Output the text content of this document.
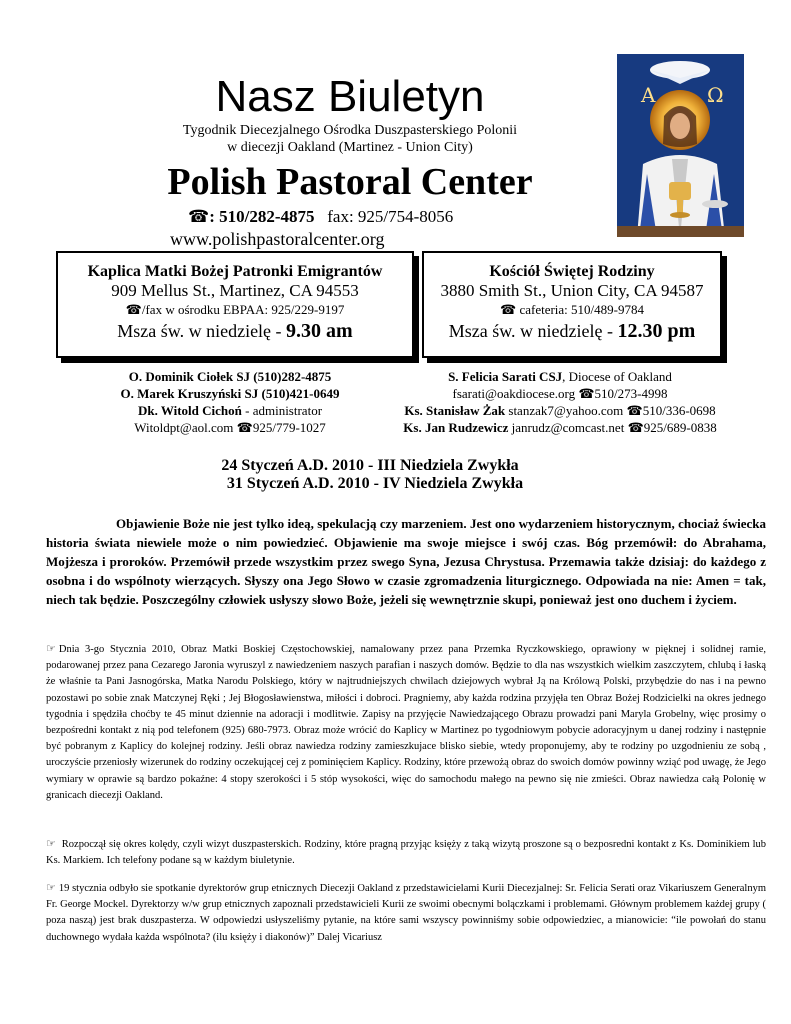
Nasz Biuletyn
Tygodnik Diecezjalnego Ośrodka Duszpasterskiego Polonii
w diecezji Oakland (Martinez - Union City)
Polish Pastoral Center
☎: 510/282-4875 fax: 925/754-8056
www.polishpastoralcenter.org
Α	Ω
Kaplica Matki Bożej Patronki Emigrantów
909 Mellus St., Martinez, CA 94553
☎/fax w ośrodku EBPAA: 925/229-9197
Msza św. w niedzielę - 9.30 am
Kościół Świętej Rodziny
3880 Smith St., Union City, CA 94587
☎ cafeteria: 510/489-9784
Msza św. w niedzielę - 12.30 pm
O. Dominik Ciołek SJ (510)282-4875
O. Marek Kruszyński SJ (510)421-0649
Dk. Witold Cichoń - administrator
Witoldpt@aol.com ☎925/779-1027
S. Felicia Sarati CSJ, Diocese of Oakland
fsarati@oakdiocese.org ☎510/273-4998
Ks. Stanisław Żak stanzak7@yahoo.com ☎510/336-0698
Ks. Jan Rudzewicz janrudz@comcast.net ☎925/689-0838
24 Styczeń A.D. 2010 - III Niedziela Zwykła
31 Styczeń A.D. 2010 - IV Niedziela Zwykła
Objawienie Boże nie jest tylko ideą, spekulacją czy marzeniem. Jest ono wydarzeniem historycznym, chociaż świecka historia świata niewiele może o nim powiedzieć. Objawienie ma swoje miejsce i swój czas. Bóg przemówił: do Abrahama, Mojżesza i proroków. Przemówił przede wszystkim przez swego Syna, Jezusa Chrystusa. Przemawia także dzisiaj: do każdego z osobna i do wspólnoty wierzących. Słyszy ona Jego Słowo w czasie zgromadzenia liturgicznego. Odpowiada na nie: Amen = tak, niech tak będzie. Poszczególny człowiek usłyszy słowo Boże, jeżeli się wewnętrznie skupi, ponieważ jest ono duchem i życiem.
☞ Dnia 3-go Stycznia 2010, Obraz Matki Boskiej Częstochowskiej, namalowany przez pana Przemka Ryczkowskiego, oprawiony w pięknej i solidnej ramie, podarowanej przez pana Cezarego Jaronia wyruszyl z nawiedzeniem naszych parafian i naszych domów. Będzie to dla nas wszystkich wielkim zaszczytem, chlubą i łaską że właśnie ta Pani Jasnogórska, Matka Narodu Polskiego, który w najtrudniejszych chwilach dziejowych wybrał Ją na Królową Polski, przybędzie do nas i na pewno pozostawi po sobie znak Matczynej Ręki ; Jej Błogosławienstwa, miłości i dobroci. Pragniemy, aby każda rodzina przyjęła ten Obraz Bożej Rodzicielki na okres jednego tygodnia i spędziła choćby te 45 minut dziennie na adoracji i modlitwie. Zapisy na przyjęcie Nawiedzającego Obrazu prowadzi pani Maryla Grobelny, więc prosimy o bezpośredni kontakt z nią pod telefonem (925) 680-7973. Obraz może wrócić do Kaplicy w Martinez po tygodniowym pobycie adoracyjnym u danej rodziny i następnie być pobranym z Kaplicy do kolejnej rodziny. Jeśli obraz nawiedza rodziny zamieszkujace blisko siebie, wtedy proponujemy, aby te rodziny po uzgodnieniu ze sobą , uroczyście przeniosły wizerunek do rodziny oczekującej cej z pominięciem Kaplicy. Rodziny, które przewożą obraz do swoich domów powinny wziąć pod uwagę, że Jego wymiary w oprawie są bardzo pokaźne: 4 stopy szerokości i 5 stóp wysokości, więc do samochodu małego na pewno się nie zmieści. Obraz nawiedza całą Polonię w granicach diecezji Oakland.
☞ Rozpoczął się okres kolędy, czyli wizyt duszpasterskich. Rodziny, które pragną przyjąc księży z taką wizytą proszone są o bezposredni kontakt z Ks. Dominikiem lub Ks. Markiem. Ich telefony podane są w każdym biuletynie.
☞ 19 stycznia odbyło sie spotkanie dyrektorów grup etnicznych Diecezji Oakland z przedstawicielami Kurii Diecezjalnej: Sr. Felicia Serati oraz Vikariuszem Generalnym Fr. George Mockel. Dyrektorzy w/w grup etnicznych zapoznali przedstawicieli Kurii ze swoimi obecnymi bolączkami i problemami. Głównym problemem każdej grupy ( poza naszą) jest brak duszpasterza. W odpowiedzi usłyszeliśmy pytanie, na które sami wszyscy powinniśmy sobie odpowiedziec, a mianowicie: “ile powołań do stanu duchownego wydała każda wspólnota? (ilu księży i diakonów)” Dalej Vicariusz
